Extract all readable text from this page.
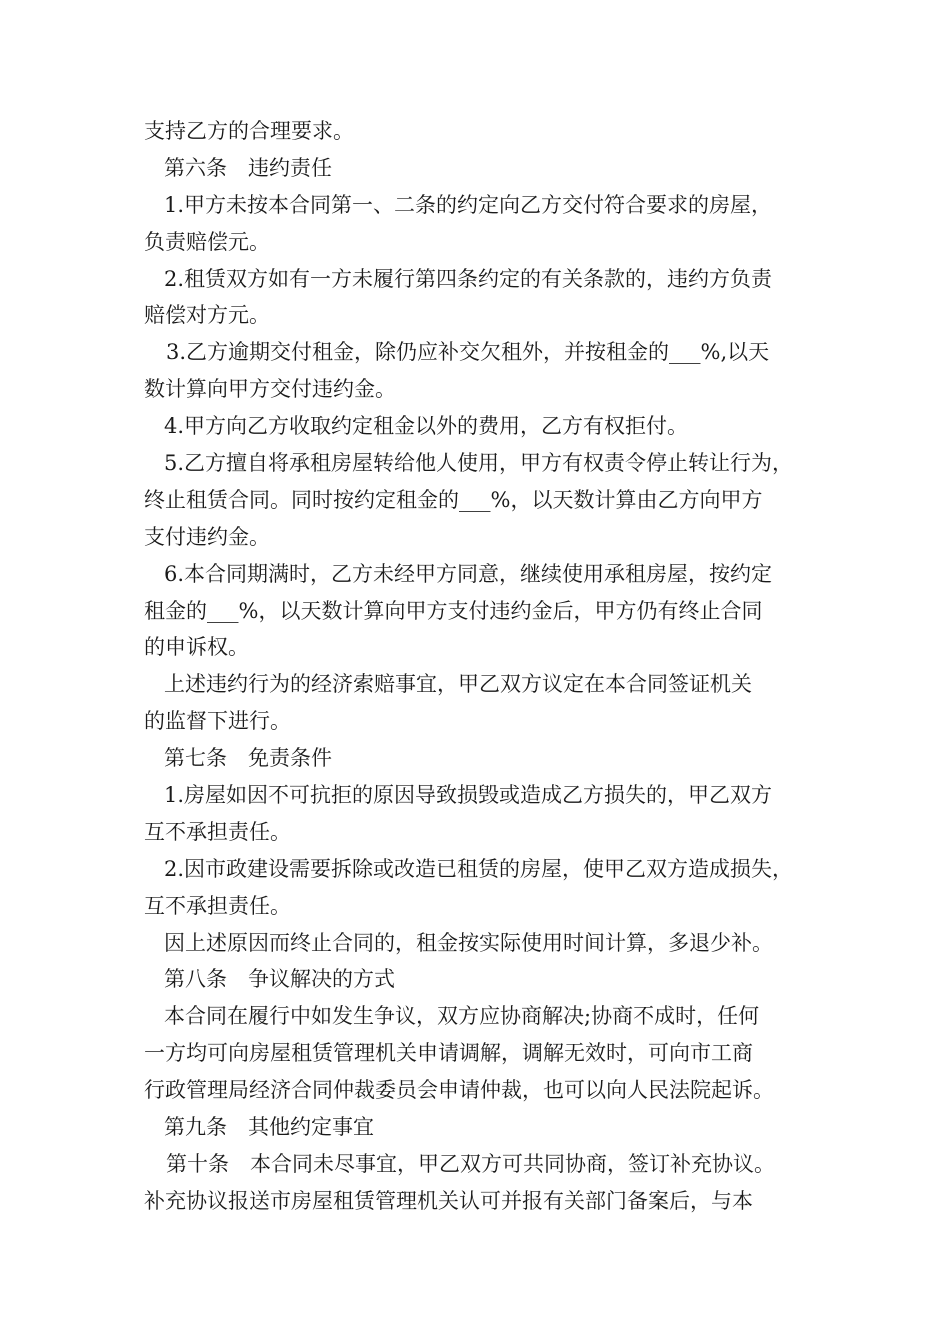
支持乙方的合理要求。
第六条　违约责任
1.甲方未按本合同第一、二条的约定向乙方交付符合要求的房屋，
负责赔偿元。
2.租赁双方如有一方未履行第四条约定的有关条款的，违约方负责
赔偿对方元。
3.乙方逾期交付租金，除仍应补交欠租外，并按租金的___%,以天
数计算向甲方交付违约金。
4.甲方向乙方收取约定租金以外的费用，乙方有权拒付。
5.乙方擅自将承租房屋转给他人使用，甲方有权责令停止转让行为，
终止租赁合同。同时按约定租金的___%，以天数计算由乙方向甲方
支付违约金。
6.本合同期满时，乙方未经甲方同意，继续使用承租房屋，按约定
租金的___%，以天数计算向甲方支付违约金后，甲方仍有终止合同
的申诉权。
上述违约行为的经济索赔事宜，甲乙双方议定在本合同签证机关
的监督下进行。
第七条　免责条件
1.房屋如因不可抗拒的原因导致损毁或造成乙方损失的，甲乙双方
互不承担责任。
2.因市政建设需要拆除或改造已租赁的房屋，使甲乙双方造成损失，
互不承担责任。
因上述原因而终止合同的，租金按实际使用时间计算，多退少补。
第八条　争议解决的方式
本合同在履行中如发生争议，双方应协商解决;协商不成时，任何
一方均可向房屋租赁管理机关申请调解，调解无效时，可向市工商
行政管理局经济合同仲裁委员会申请仲裁，也可以向人民法院起诉。
第九条　其他约定事宜
第十条　本合同未尽事宜，甲乙双方可共同协商，签订补充协议。
补充协议报送市房屋租赁管理机关认可并报有关部门备案后，与本
